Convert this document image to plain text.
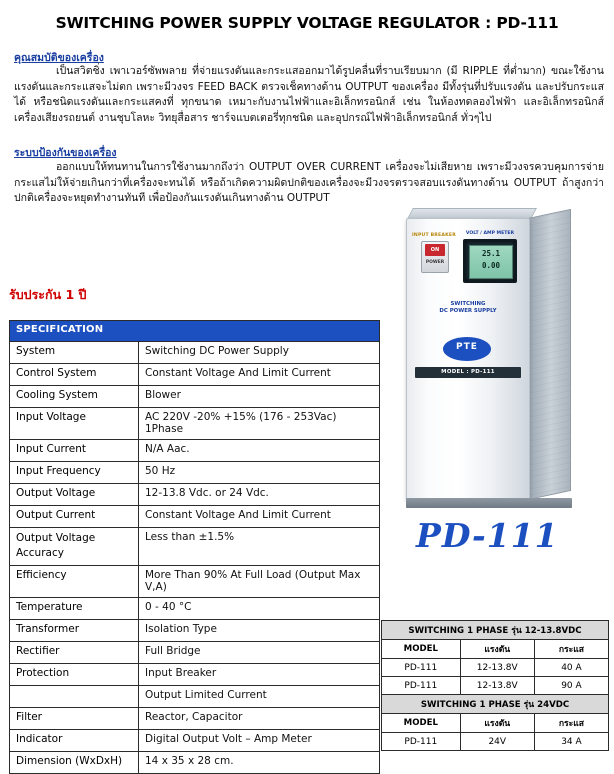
SWITCHING POWER SUPPLY VOLTAGE REGULATOR : PD-111
คุณสมบัติของเครื่อง
เป็นสวิตชิ่ง เพาเวอร์ซัพพลาย ที่จ่ายแรงดันและกระแสออกมาได้รูปคลื่นที่ราบเรียบมาก (มี RIPPLE ที่ต่ำมาก) ขณะใช้งานแรงดันและกระแสจะไม่ตก เพราะมีวงจร FEED BACK ตรวจเช็คทางด้าน OUTPUT ของเครื่อง มีทั้งรุ่นที่ปรับแรงดัน และปรับกระแสได้ หรือชนิดแรงดันและกระแสคงที่ ทุกขนาด เหมาะกับงานไฟฟ้าและอิเล็กทรอนิกส์ เช่น ในห้องทดลองไฟฟ้า และอิเล็กทรอนิกส์ เครื่องเสียงรถยนต์ งานชุบโลหะ วิทยุสื่อสาร ชาร์จแบตเตอรี่ทุกชนิด และอุปกรณ์ไฟฟ้าอิเล็กทรอนิกส์ ทั่วๆไป
ระบบป้องกันของเครื่อง
ออกแบบให้ทนทานในการใช้งานมากถึงว่า OUTPUT OVER CURRENT เครื่องจะไม่เสียหาย เพราะมีวงจรควบคุมการจ่ายกระแสไม่ให้จ่ายเกินกว่าที่เครื่องจะทนได้ หรือถ้าเกิดความผิดปกติของเครื่องจะมีวงจรตรวจสอบแรงดันทางด้าน OUTPUT ถ้าสูงกว่าปกติเครื่องจะหยุดทำงานทันที เพื่อป้องกันแรงดันเกินทางด้าน OUTPUT
รับประกัน 1 ปี
SPECIFICATION	
System	Switching DC Power Supply
Control System	Constant Voltage And Limit Current
Cooling System	Blower
Input Voltage	AC 220V -20% +15% (176 - 253Vac) 1Phase
Input Current	N/A Aac.
Input Frequency	50 Hz
Output Voltage	12-13.8 Vdc. or 24 Vdc.
Output Current	Constant Voltage And Limit Current
Output Voltage Accuracy	Less than ±1.5%
Efficiency	More Than 90% At Full Load (Output Max V,A)
Temperature	0 - 40 °C
Transformer	Isolation Type
Rectifier	Full Bridge
Protection	Input Breaker
	Output Limited Current
Filter	Reactor, Capacitor
Indicator	Digital Output Volt – Amp Meter
Dimension (WxDxH)	14 x 35 x 28 cm.
INPUT BREAKER
ON
POWER
VOLT / AMP METER
25.1
0.00
SWITCHING
DC POWER SUPPLY
PTE
MODEL : PD-111
PD-111
SWITCHING 1 PHASE รุ่น 12-13.8VDC		
MODEL	แรงดัน	กระแส
PD-111	12-13.8V	40 A
PD-111	12-13.8V	90 A
SWITCHING 1 PHASE รุ่น 24VDC		
MODEL	แรงดัน	กระแส
PD-111	24V	34 A
